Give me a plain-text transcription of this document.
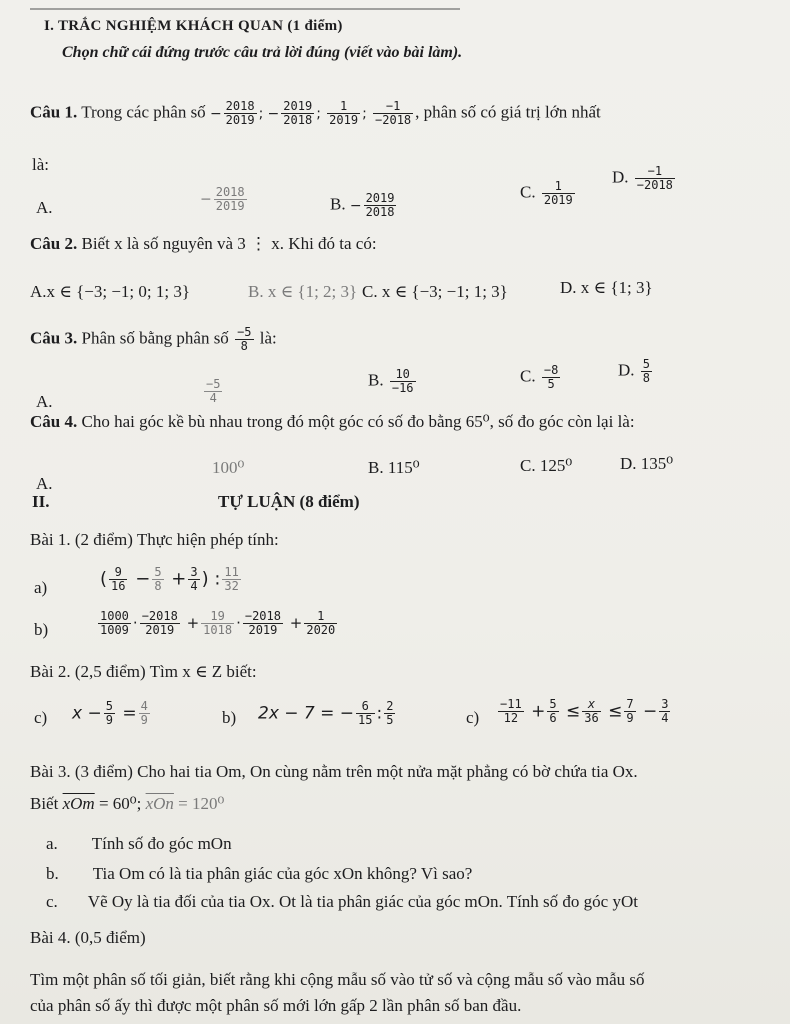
I. TRẮC NGHIỆM KHÁCH QUAN (1 điểm)
Chọn chữ cái đứng trước câu trả lời đúng (viết vào bài làm).
Câu 1. Trong các phân số − $\frac{2018}{2019}$ ; − $\frac{2019}{2018}$ ; $\frac{1}{2019}$ ; $\frac{-1}{-2018}$ , phân số có giá trị lớn nhất
là:
A.	− $\frac{2018}{2019}$	B. − $\frac{2019}{2018}$	C. $\frac{1}{2019}$
D. $\frac{-1}{-2018}$
Câu 2. Biết x là số nguyên và 3 ⋮ x. Khi đó ta có:
A.x ∈ {−3; −1; 0; 1; 3}	B. x ∈ {1; 2; 3} C. x ∈ {−3; −1; 1; 3}	D. x ∈ {1; 3}
Câu 3. Phân số bằng phân số $\frac{-5}{8}$ là:
A.	$\frac{-5}{4}$	B. $\frac{10}{-16}$	C. $\frac{-8}{5}$	D. $\frac{5}{8}$
Câu 4. Cho hai góc kề bù nhau trong đó một góc có số đo bằng 65⁰, số đo góc còn lại là:
A.
100⁰	B. 115⁰	C. 125⁰	D. 135⁰
II.	TỰ LUẬN (8 điểm)
Bài 1. (2 điểm) Thực hiện phép tính:
a)	( $\frac{9}{16} - \frac{5}{8} + \frac{3}{4}$ ) : $\frac{11}{32}$
b)	$\frac{1000}{1009} \cdot \frac{-2018}{2019} + \frac{19}{1018} \cdot \frac{-2018}{2019} + \frac{1}{2020}$
Bài 2. (2,5 điểm) Tìm x ∈ Z biết:
c) $x - \frac{5}{9} = \frac{4}{9}$	b) 2x − 7 = − $\frac{6}{15}$ : $\frac{2}{5}$	$c) \frac{-11}{12} + \frac{5}{6} \le \frac{x}{36} \le \frac{7}{9} - \frac{3}{4}$
Bài 3. (3 điểm) Cho hai tia Om, On cùng nằm trên một nửa mặt phẳng có bờ chứa tia Ox.
Biết $\overline{xOm} = 60^0$; $\overline{xOn} = 120^0$
a. Tính số đo góc mOn
b. Tia Om có là tia phân giác của góc xOn không? Vì sao?
c. Vẽ Oy là tia đối của tia Ox. Ot là tia phân giác của góc mOn. Tính số đo góc yOt
Bài 4. (0,5 điểm)
Tìm một phân số tối giản, biết rằng khi cộng mẫu số vào tử số và cộng mẫu số vào mẫu số
của phân số ấy thì được một phân số mới lớn gấp 2 lần phân số ban đầu.
